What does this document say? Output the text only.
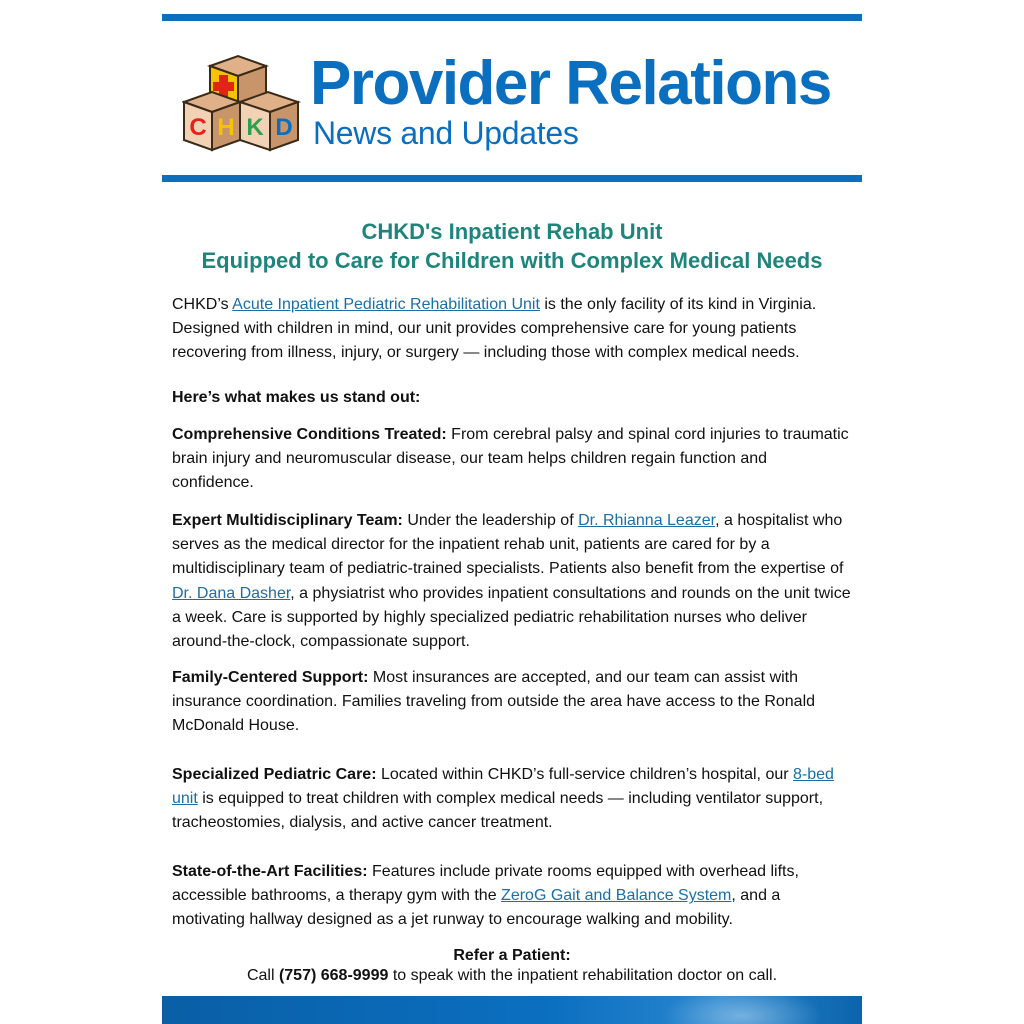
C H K D
Provider Relations
News and Updates
CHKD's Inpatient Rehab Unit
Equipped to Care for Children with Complex Medical Needs

CHKD’s Acute Inpatient Pediatric Rehabilitation Unit is the only facility of its kind in Virginia. Designed with children in mind, our unit provides comprehensive care for young patients recovering from illness, injury, or surgery — including those with complex medical needs.

Here’s what makes us stand out:

Comprehensive Conditions Treated: From cerebral palsy and spinal cord injuries to traumatic brain injury and neuromuscular disease, our team helps children regain function and confidence.

Expert Multidisciplinary Team: Under the leadership of Dr. Rhianna Leazer, a hospitalist who serves as the medical director for the inpatient rehab unit, patients are cared for by a multidisciplinary team of pediatric-trained specialists. Patients also benefit from the expertise of Dr. Dana Dasher, a physiatrist who provides inpatient consultations and rounds on the unit twice a week. Care is supported by highly specialized pediatric rehabilitation nurses who deliver around-the-clock, compassionate support.

Family-Centered Support: Most insurances are accepted, and our team can assist with insurance coordination. Families traveling from outside the area have access to the Ronald McDonald House.

Specialized Pediatric Care: Located within CHKD’s full-service children’s hospital, our 8-bed unit is equipped to treat children with complex medical needs — including ventilator support, tracheostomies, dialysis, and active cancer treatment.

State-of-the-Art Facilities: Features include private rooms equipped with overhead lifts, accessible bathrooms, a therapy gym with the ZeroG Gait and Balance System, and a motivating hallway designed as a jet runway to encourage walking and mobility.

Refer a Patient:
Call (757) 668-9999 to speak with the inpatient rehabilitation doctor on call.
